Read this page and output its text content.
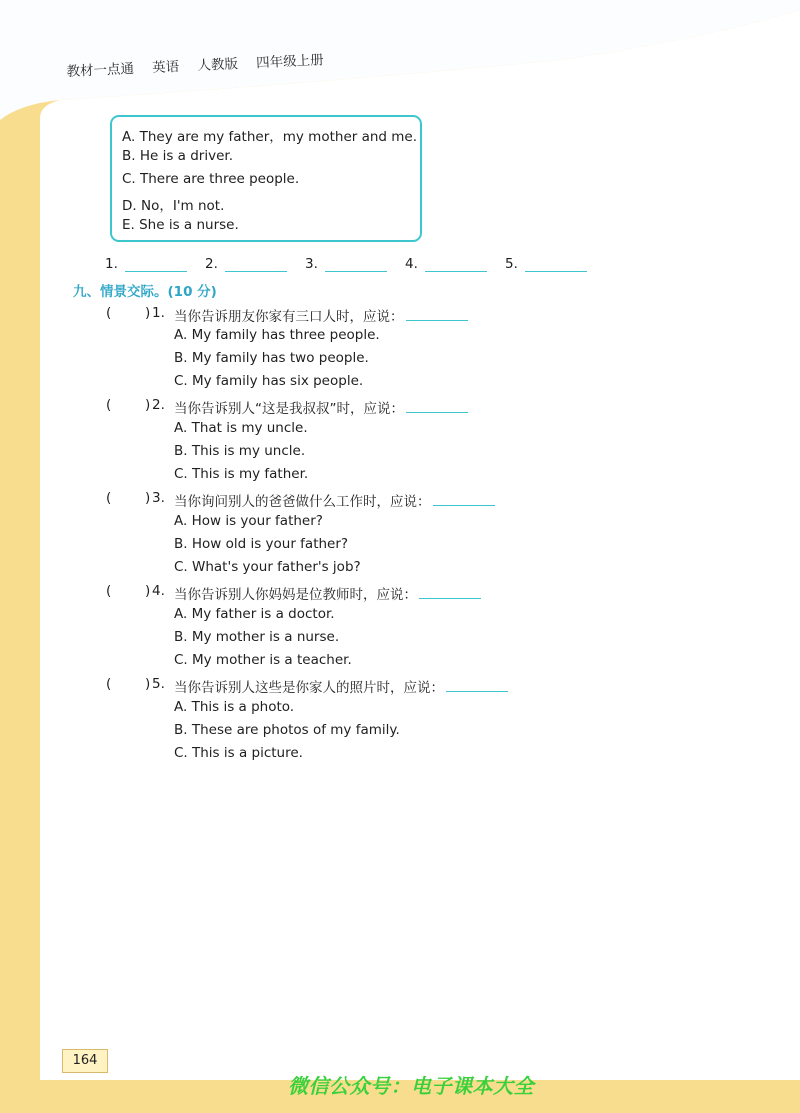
教材一点通 英语 人教版 四年级上册
A. They are my father，my mother and me.
B. He is a driver.
C. There are three people.
D. No，I'm not.
E. She is a nurse.
1.	2.	3.	4.	5.
九、情景交际。(10 分)
( ) 1. 当你告诉朋友你家有三口人时，应说：
A. My family has three people.
B. My family has two people.
C. My family has six people.
( ) 2. 当你告诉别人“这是我叔叔”时，应说：
A. That is my uncle.
B. This is my uncle.
C. This is my father.
( ) 3. 当你询问别人的爸爸做什么工作时，应说：
A. How is your father?
B. How old is your father?
C. What's your father's job?
( ) 4. 当你告诉别人你妈妈是位教师时，应说：
A. My father is a doctor.
B. My mother is a nurse.
C. My mother is a teacher.
( ) 5. 当你告诉别人这些是你家人的照片时，应说：
A. This is a photo.
B. These are photos of my family.
C. This is a picture.
164
微信公众号：电子课本大全
